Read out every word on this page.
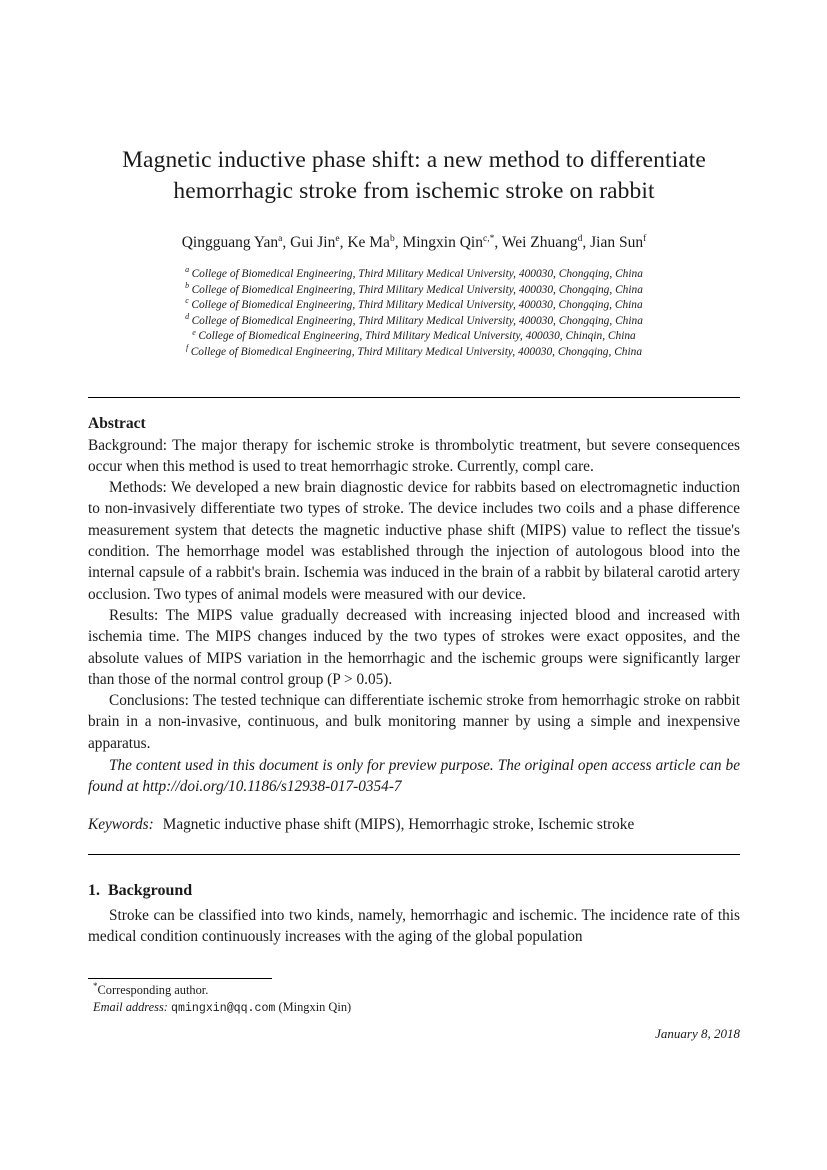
Magnetic inductive phase shift: a new method to differentiate
hemorrhagic stroke from ischemic stroke on rabbit
Qingguang Yan$^a$, Gui Jin$^e$, Ke Ma$^b$, Mingxin Qin$^{c,*}$, Wei Zhuang$^d$, Jian Sun$^f$
$^a$ College of Biomedical Engineering, Third Military Medical University, 400030, Chongqing, China
$^b$ College of Biomedical Engineering, Third Military Medical University, 400030, Chongqing, China
$^c$ College of Biomedical Engineering, Third Military Medical University, 400030, Chongqing, China
$^d$ College of Biomedical Engineering, Third Military Medical University, 400030, Chongqing, China
$^e$ College of Biomedical Engineering, Third Military Medical University, 400030, Chinqin, China
$^f$ College of Biomedical Engineering, Third Military Medical University, 400030, Chongqing, China
Abstract

Background: The major therapy for ischemic stroke is thrombolytic treatment, but severe consequences occur when this method is used to treat hemorrhagic stroke. Currently, compl care.

Methods: We developed a new brain diagnostic device for rabbits based on electromagnetic induction to non-invasively differentiate two types of stroke. The device includes two coils and a phase difference measurement system that detects the magnetic inductive phase shift (MIPS) value to reflect the tissue's condition. The hemorrhage model was established through the injection of autologous blood into the internal capsule of a rabbit's brain. Ischemia was induced in the brain of a rabbit by bilateral carotid artery occlusion. Two types of animal models were measured with our device.

Results: The MIPS value gradually decreased with increasing injected blood and increased with ischemia time. The MIPS changes induced by the two types of strokes were exact opposites, and the absolute values of MIPS variation in the hemorrhagic and the ischemic groups were significantly larger than those of the normal control group (P > 0.05).

Conclusions: The tested technique can differentiate ischemic stroke from hemorrhagic stroke on rabbit brain in a non-invasive, continuous, and bulk monitoring manner by using a simple and inexpensive apparatus.

The content used in this document is only for preview purpose. The original open access article can be found at http://doi.org/10.1186/s12938-017-0354-7

Keywords: Magnetic inductive phase shift (MIPS), Hemorrhagic stroke, Ischemic stroke
1. Background

Stroke can be classified into two kinds, namely, hemorrhagic and ischemic. The incidence rate of this medical condition continuously increases with the aging of the global population

*Corresponding author.
Email address: qmingxin@qq.com (Mingxin Qin)
January 8, 2018
